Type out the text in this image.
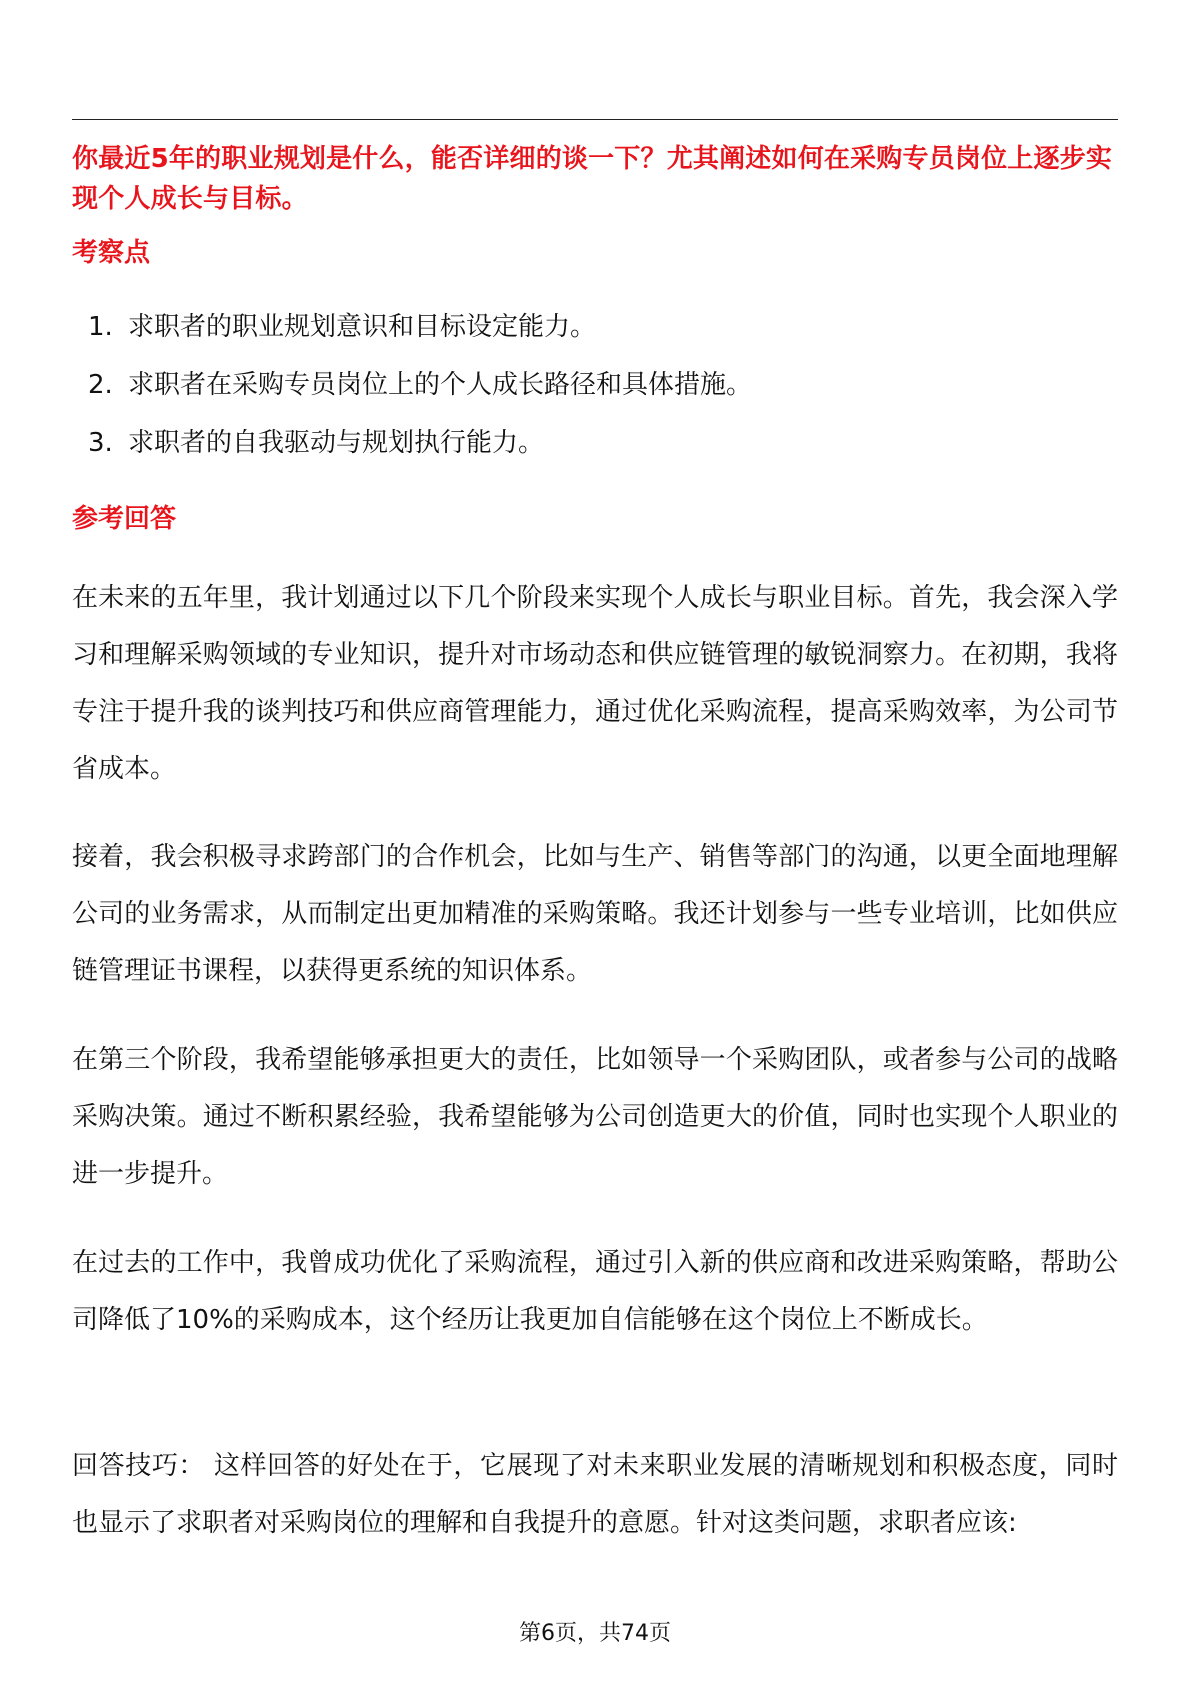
你最近5年的职业规划是什么，能否详细的谈一下？尤其阐述如何在采购专员岗位上逐步实现个人成长与目标。
考察点
1. 求职者的职业规划意识和目标设定能力。
2. 求职者在采购专员岗位上的个人成长路径和具体措施。
3. 求职者的自我驱动与规划执行能力。
参考回答

在未来的五年里，我计划通过以下几个阶段来实现个人成长与职业目标。首先，我会深入学习和理解采购领域的专业知识，提升对市场动态和供应链管理的敏锐洞察力。在初期，我将专注于提升我的谈判技巧和供应商管理能力，通过优化采购流程，提高采购效率，为公司节省成本。

接着，我会积极寻求跨部门的合作机会，比如与生产、销售等部门的沟通，以更全面地理解公司的业务需求，从而制定出更加精准的采购策略。我还计划参与一些专业培训，比如供应链管理证书课程，以获得更系统的知识体系。

在第三个阶段，我希望能够承担更大的责任，比如领导一个采购团队，或者参与公司的战略采购决策。通过不断积累经验，我希望能够为公司创造更大的价值，同时也实现个人职业的进一步提升。

在过去的工作中，我曾成功优化了采购流程，通过引入新的供应商和改进采购策略，帮助公司降低了10%的采购成本，这个经历让我更加自信能够在这个岗位上不断成长。

回答技巧： 这样回答的好处在于，它展现了对未来职业发展的清晰规划和积极态度，同时也显示了求职者对采购岗位的理解和自我提升的意愿。针对这类问题，求职者应该:

第6页，共74页
